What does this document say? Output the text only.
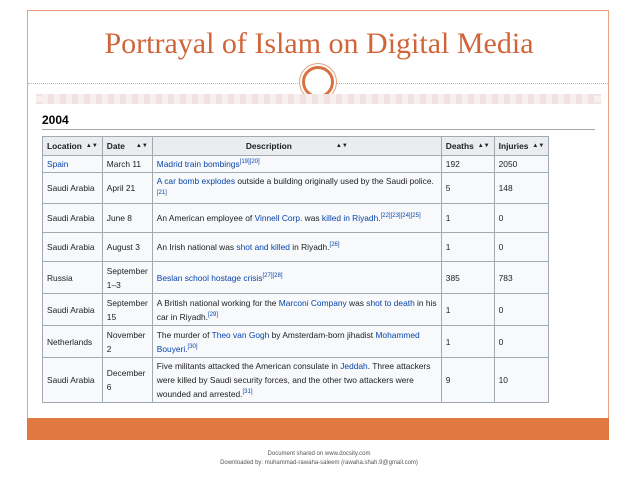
Portrayal of Islam on Digital Media
2004
Location ▲▼	Date ▲▼	Description ▲▼	Deaths ▲▼	Injuries ▲▼

Spain	March 11	Madrid train bombings[19][20]	192	2050
Saudi Arabia	April 21	A car bomb explodes outside a building originally used by the Saudi police.[21]	5	148
Saudi Arabia	June 8	An American employee of Vinnell Corp. was killed in Riyadh.[22][23][24][25]	1	0
Saudi Arabia	August 3	An Irish national was shot and killed in Riyadh.[26]	1	0
Russia	September 1–3	Beslan school hostage crisis[27][28]	385	783
Saudi Arabia	September 15	A British national working for the Marconi Company was shot to death in his car in Riyadh.[29]	1	0
Netherlands	November 2	The murder of Theo van Gogh by Amsterdam-born jihadist Mohammed Bouyeri.[30]	1	0
Saudi Arabia	December 6	Five militants attacked the American consulate in Jeddah. Three attackers were killed by Saudi security forces, and the other two attackers were wounded and arrested.[31]	9	10
Document shared on www.docsity.com
Downloaded by: muhammad-rawaha-saleem (rawaha.shah.9@gmail.com)
